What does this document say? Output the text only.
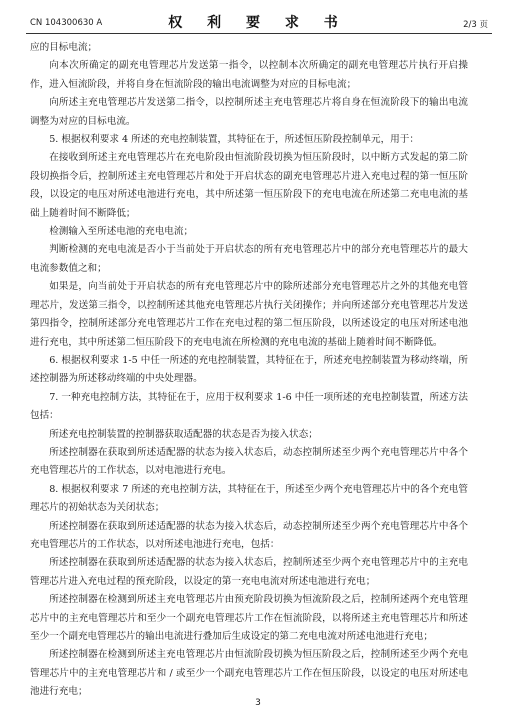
CN 104300630 A	权 利 要 求 书	2/3 页

应的目标电流；

向本次所确定的副充电管理芯片发送第一指令，以控制本次所确定的副充电管理芯片执行开启操作，进入恒流阶段，并将自身在恒流阶段的输出电流调整为对应的目标电流；

向所述主充电管理芯片发送第二指令，以控制所述主充电管理芯片将自身在恒流阶段下的输出电流调整为对应的目标电流。

5. 根据权利要求 4 所述的充电控制装置，其特征在于，所述恒压阶段控制单元，用于：

在接收到所述主充电管理芯片在充电阶段由恒流阶段切换为恒压阶段时，以中断方式发起的第二阶段切换指令后，控制所述主充电管理芯片和处于开启状态的副充电管理芯片进入充电过程的第一恒压阶段，以设定的电压对所述电池进行充电，其中所述第一恒压阶段下的充电电流在所述第二充电电流的基础上随着时间不断降低；

检测输入至所述电池的充电电流；

判断检测的充电电流是否小于当前处于开启状态的所有充电管理芯片中的部分充电管理芯片的最大电流参数值之和；

如果是，向当前处于开启状态的所有充电管理芯片中的除所述部分充电管理芯片之外的其他充电管理芯片，发送第三指令，以控制所述其他充电管理芯片执行关闭操作；并向所述部分充电管理芯片发送第四指令，控制所述部分充电管理芯片工作在充电过程的第二恒压阶段，以所述设定的电压对所述电池进行充电，其中所述第二恒压阶段下的充电电流在所检测的充电电流的基础上随着时间不断降低。

6. 根据权利要求 1-5 中任一所述的充电控制装置，其特征在于，所述充电控制装置为移动终端，所述控制器为所述移动终端的中央处理器。

7. 一种充电控制方法，其特征在于，应用于权利要求 1-6 中任一项所述的充电控制装置，所述方法包括：

所述充电控制装置的控制器获取适配器的状态是否为接入状态；

所述控制器在获取到所述适配器的状态为接入状态后，动态控制所述至少两个充电管理芯片中各个充电管理芯片的工作状态，以对电池进行充电。

8. 根据权利要求 7 所述的充电控制方法，其特征在于，所述至少两个充电管理芯片中的各个充电管理芯片的初始状态为关闭状态；

所述控制器在获取到所述适配器的状态为接入状态后，动态控制所述至少两个充电管理芯片中各个充电管理芯片的工作状态，以对所述电池进行充电，包括：

所述控制器在获取到所述适配器的状态为接入状态后，控制所述至少两个充电管理芯片中的主充电管理芯片进入充电过程的预充阶段，以设定的第一充电电流对所述电池进行充电；

所述控制器在检测到所述主充电管理芯片由预充阶段切换为恒流阶段之后，控制所述两个充电管理芯片中的主充电管理芯片和至少一个副充电管理芯片工作在恒流阶段，以将所述主充电管理芯片和所述至少一个副充电管理芯片的输出电流进行叠加后生成设定的第二充电电流对所述电池进行充电；

所述控制器在检测到所述主充电管理芯片由恒流阶段切换为恒压阶段之后，控制所述至少两个充电管理芯片中的主充电管理芯片和 / 或至少一个副充电管理芯片工作在恒压阶段，以设定的电压对所述电池进行充电；

3
